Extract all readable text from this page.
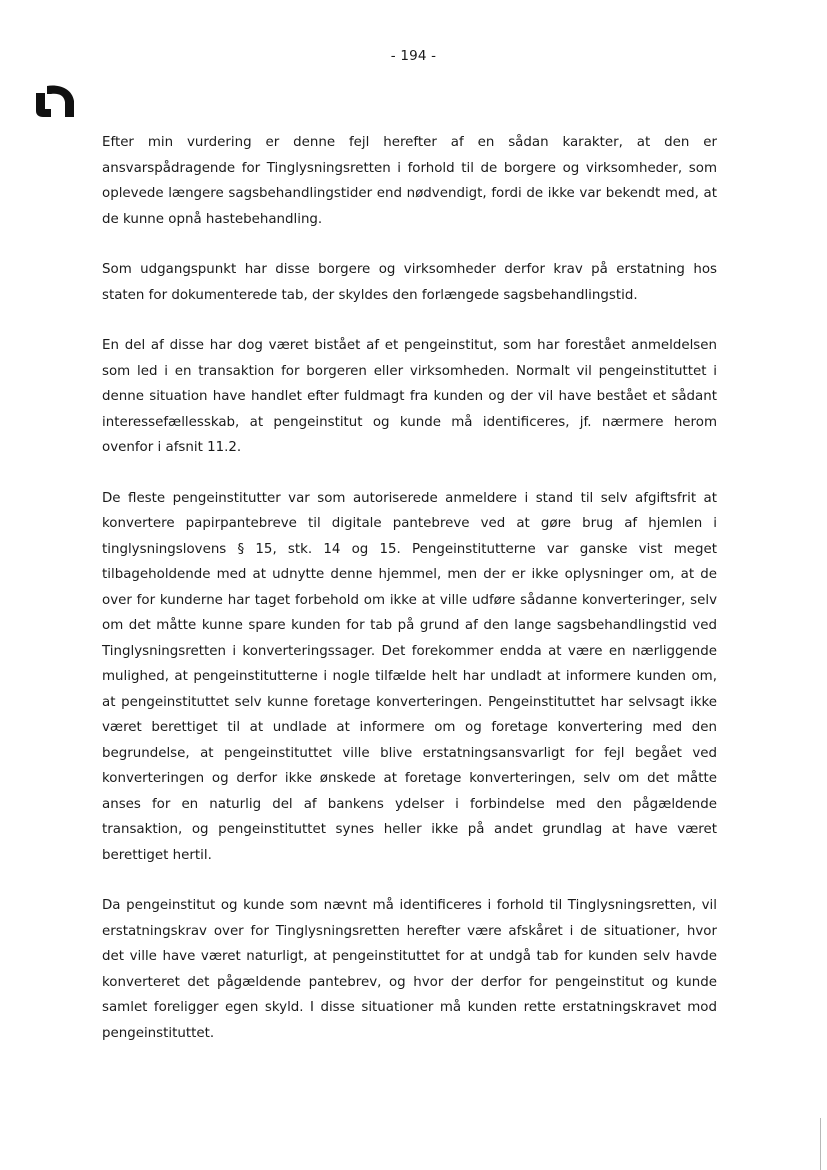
- 194 -

Efter min vurdering er denne fejl herefter af en sådan karakter, at den er ansvarspådragende for Tinglysningsretten i forhold til de borgere og virksomheder, som oplevede længere sagsbehandlingstider end nødvendigt, fordi de ikke var bekendt med, at de kunne opnå hastebehandling.

Som udgangspunkt har disse borgere og virksomheder derfor krav på erstatning hos staten for dokumenterede tab, der skyldes den forlængede sagsbehandlingstid.

En del af disse har dog været bistået af et pengeinstitut, som har forestået anmeldelsen som led i en transaktion for borgeren eller virksomheden. Normalt vil pengeinstituttet i denne situation have handlet efter fuldmagt fra kunden og der vil have bestået et sådant interessefællesskab, at pengeinstitut og kunde må identificeres, jf. nærmere herom ovenfor i afsnit 11.2.

De fleste pengeinstitutter var som autoriserede anmeldere i stand til selv afgiftsfrit at konvertere papirpantebreve til digitale pantebreve ved at gøre brug af hjemlen i tinglysningslovens § 15, stk. 14 og 15. Pengeinstitutterne var ganske vist meget tilbageholdende med at udnytte denne hjemmel, men der er ikke oplysninger om, at de over for kunderne har taget forbehold om ikke at ville udføre sådanne konverteringer, selv om det måtte kunne spare kunden for tab på grund af den lange sagsbehandlingstid ved Tinglysningsretten i konverteringssager. Det forekommer endda at være en nærliggende mulighed, at pengeinstitutterne i nogle tilfælde helt har undladt at informere kunden om, at pengeinstituttet selv kunne foretage konverteringen. Pengeinstituttet har selvsagt ikke været berettiget til at undlade at informere om og foretage konvertering med den begrundelse, at pengeinstituttet ville blive erstatningsansvarligt for fejl begået ved konverteringen og derfor ikke ønskede at foretage konverteringen, selv om det måtte anses for en naturlig del af bankens ydelser i forbindelse med den pågældende transaktion, og pengeinstituttet synes heller ikke på andet grundlag at have været berettiget hertil.

Da pengeinstitut og kunde som nævnt må identificeres i forhold til Tinglysningsretten, vil erstatningskrav over for Tinglysningsretten herefter være afskåret i de situationer, hvor det ville have været naturligt, at pengeinstituttet for at undgå tab for kunden selv havde konverteret det pågældende pantebrev, og hvor der derfor for pengeinstitut og kunde samlet foreligger egen skyld. I disse situationer må kunden rette erstatningskravet mod pengeinstituttet.
